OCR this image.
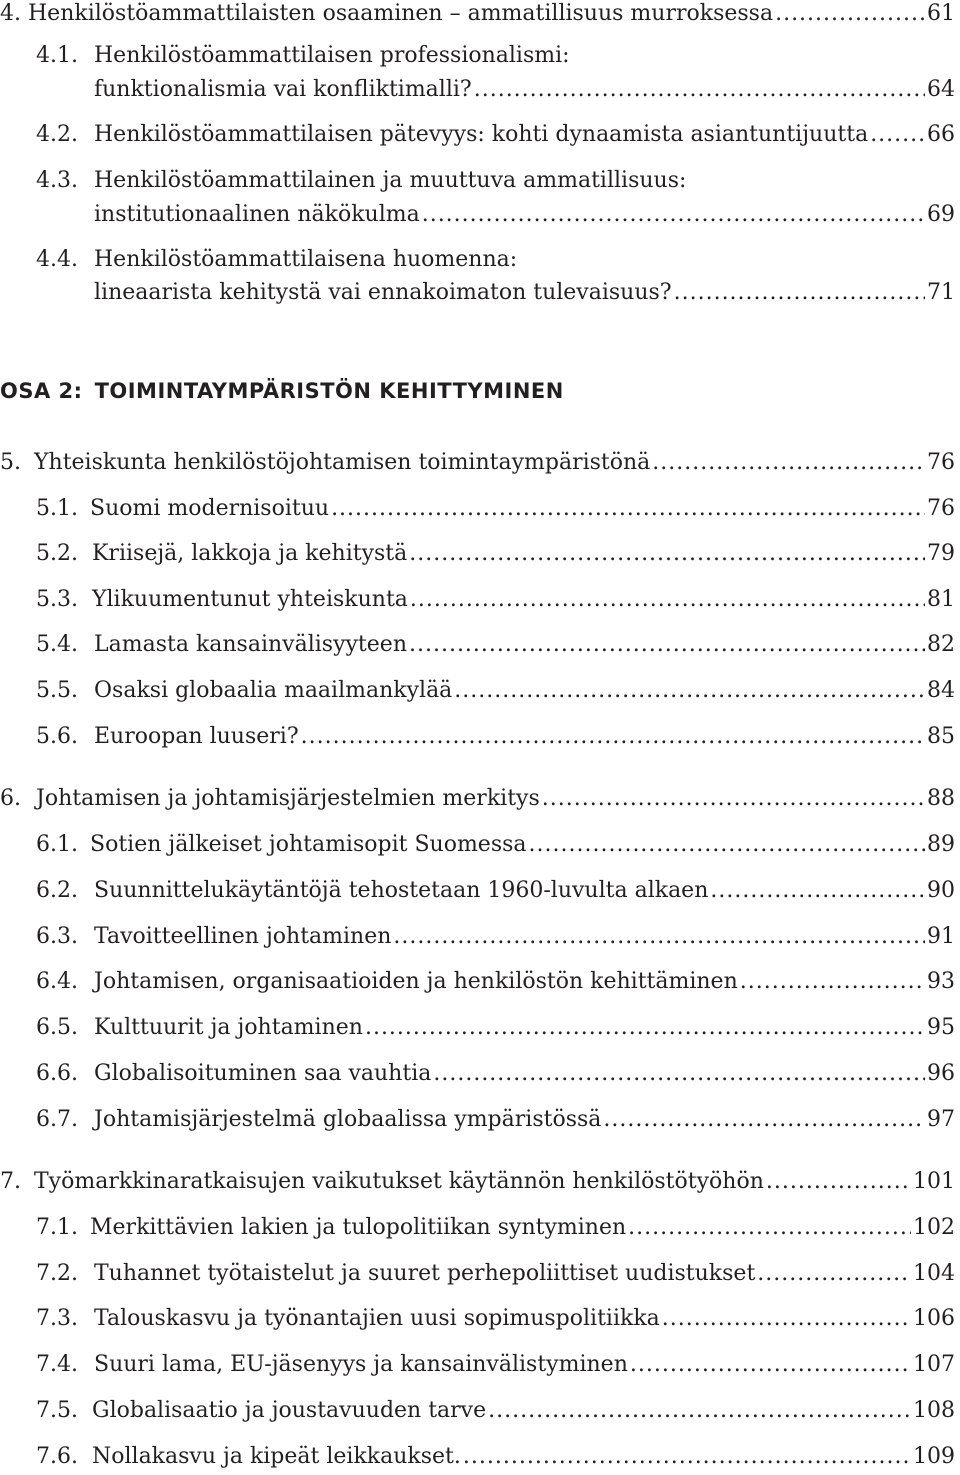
4. Henkilöstöammattilaisten osaaminen – ammatillisuus murroksessa .....	61
4.1. Henkilöstöammattilaisen professionalismi:
funktionalismia vai konfliktimalli? .....	64
4.2. Henkilöstöammattilaisen pätevyys: kohti dynaamista asiantuntijuutta .....	66
4.3. Henkilöstöammattilainen ja muuttuva ammatillisuus:
institutionaalinen näkökulma .....	69
4.4. Henkilöstöammattilaisena huomenna:
lineaarista kehitystä vai ennakoimaton tulevaisuus? .....	71
OSA 2: TOIMINTAYMPÄRISTÖN KEHITTYMINEN
5. Yhteiskunta henkilöstöjohtamisen toimintaympäristönä .....	76
5.1. Suomi modernisoituu .....	76
5.2. Kriisejä, lakkoja ja kehitystä .....	79
5.3. Ylikuumentunut yhteiskunta .....	81
5.4. Lamasta kansainvälisyyteen .....	82
5.5. Osaksi globaalia maailmankylää .....	84
5.6. Euroopan luuseri? .....	85
6. Johtamisen ja johtamisjärjestelmien merkitys .....	88
6.1. Sotien jälkeiset johtamisopit Suomessa .....	89
6.2. Suunnittelukäytäntöjä tehostetaan 1960-luvulta alkaen .....	90
6.3. Tavoitteellinen johtaminen .....	91
6.4. Johtamisen, organisaatioiden ja henkilöstön kehittäminen .....	93
6.5. Kulttuurit ja johtaminen .....	95
6.6. Globalisoituminen saa vauhtia .....	96
6.7. Johtamisjärjestelmä globaalissa ympäristössä .....	97
7. Työmarkkinaratkaisujen vaikutukset käytännön henkilöstötyöhön .....	101
7.1. Merkittävien lakien ja tulopolitiikan syntyminen .....	102
7.2. Tuhannet työtaistelut ja suuret perhepoliittiset uudistukset .....	104
7.3. Talouskasvu ja työnantajien uusi sopimuspolitiikka .....	106
7.4. Suuri lama, EU-jäsenyys ja kansainvälistyminen .....	107
7.5. Globalisaatio ja joustavuuden tarve .....	108
7.6. Nollakasvu ja kipeät leikkaukset. .....	109
